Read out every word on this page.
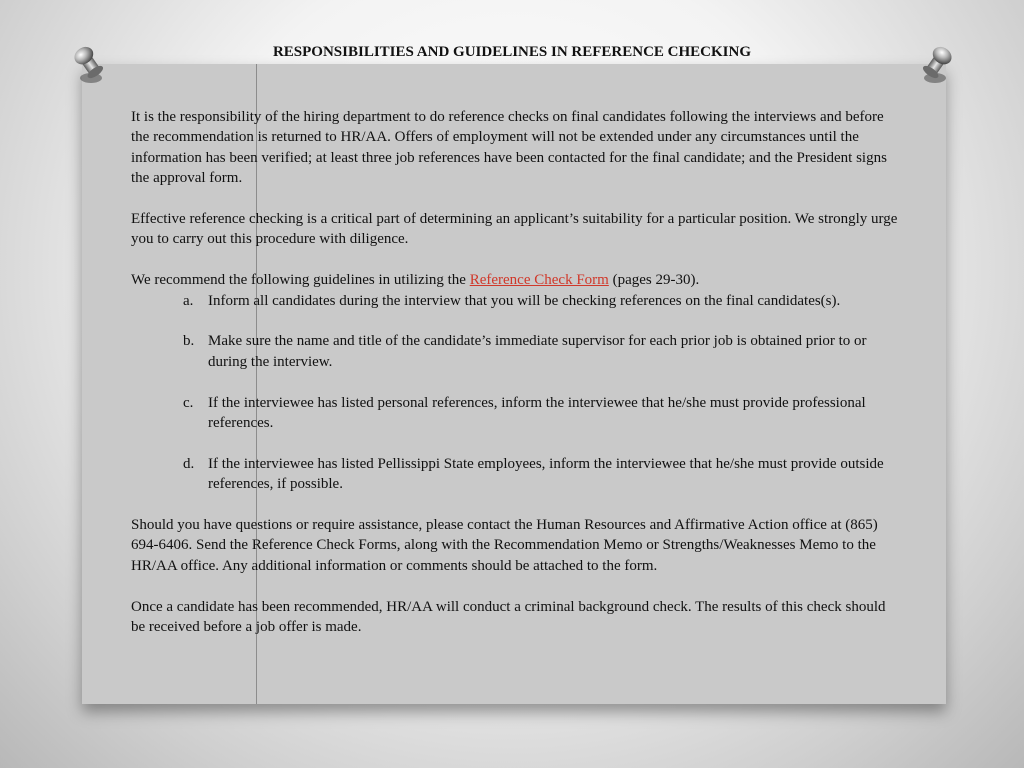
RESPONSIBILITIES AND GUIDELINES IN REFERENCE CHECKING

It is the responsibility of the hiring department to do reference checks on final candidates following the interviews and before the recommendation is returned to HR/AA. Offers of employment will not be extended under any circumstances until the information has been verified; at least three job references have been contacted for the final candidate; and the President signs the approval form.

Effective reference checking is a critical part of determining an applicant’s suitability for a particular position. We strongly urge you to carry out this procedure with diligence.

We recommend the following guidelines in utilizing the Reference Check Form (pages 29-30).

a. Inform all candidates during the interview that you will be checking references on the final candidates(s).
b. Make sure the name and title of the candidate’s immediate supervisor for each prior job is obtained prior to or during the interview.
c. If the interviewee has listed personal references, inform the interviewee that he/she must provide professional references.
d. If the interviewee has listed Pellissippi State employees, inform the interviewee that he/she must provide outside references, if possible.

Should you have questions or require assistance, please contact the Human Resources and Affirmative Action office at (865) 694-6406. Send the Reference Check Forms, along with the Recommendation Memo or Strengths/Weaknesses Memo to the HR/AA office. Any additional information or comments should be attached to the form.

Once a candidate has been recommended, HR/AA will conduct a criminal background check. The results of this check should be received before a job offer is made.
